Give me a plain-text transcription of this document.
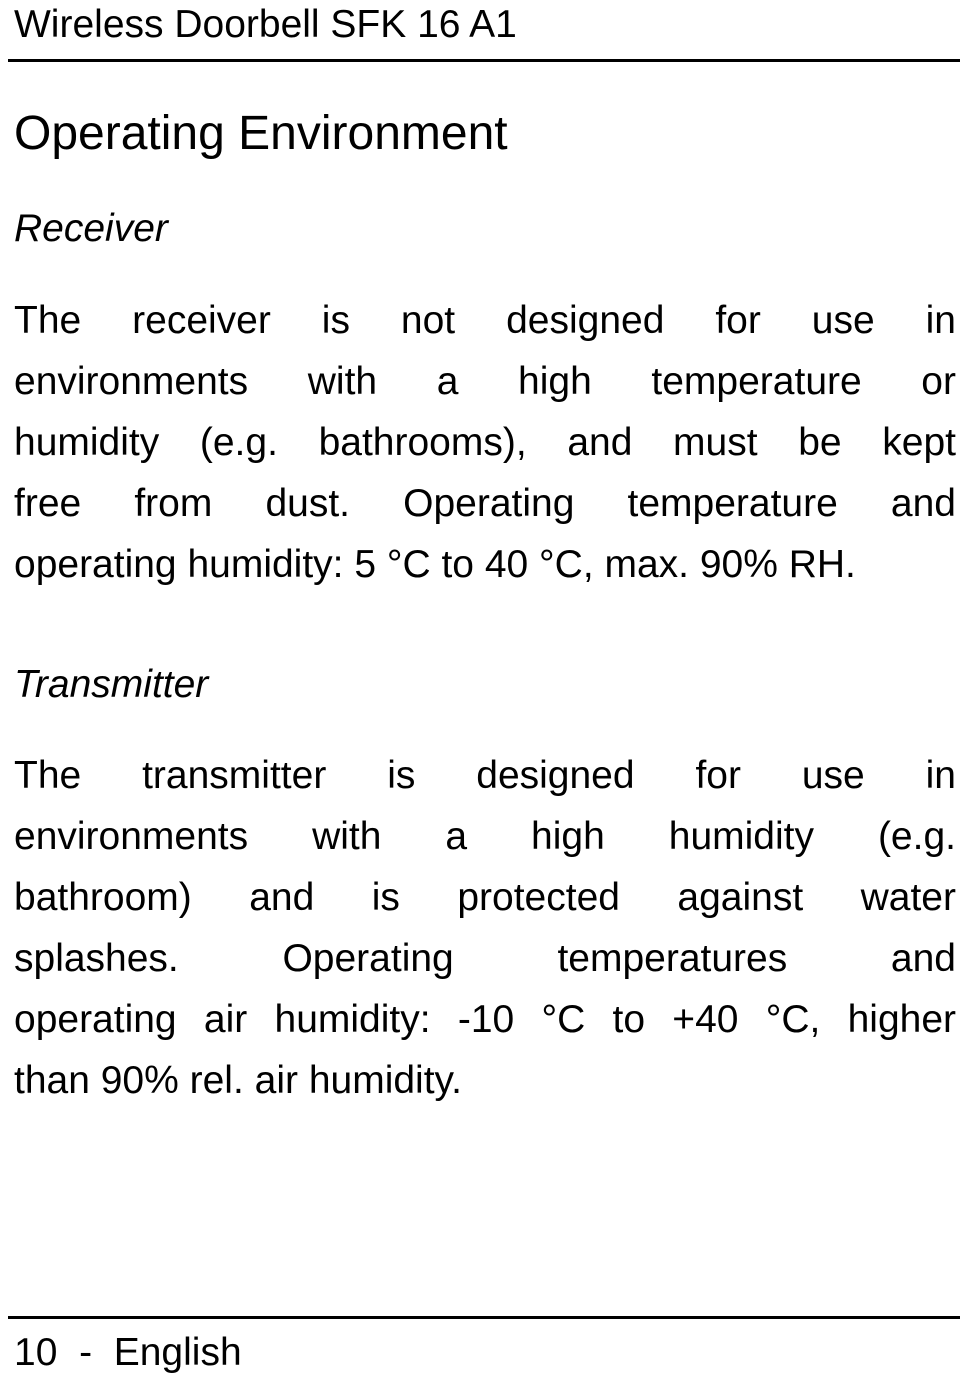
Wireless Doorbell SFK 16 A1
Operating Environment
Receiver
The receiver is not designed for use in
environments with a high temperature or
humidity (e.g. bathrooms), and must be kept
free from dust. Operating temperature and
operating humidity: 5 °C to 40 °C, max. 90% RH.
Transmitter
The transmitter is designed for use in
environments with a high humidity (e.g.
bathroom) and is protected against water
splashes. Operating temperatures and
operating air humidity: -10 °C to +40 °C, higher
than 90% rel. air humidity.
10 - English
